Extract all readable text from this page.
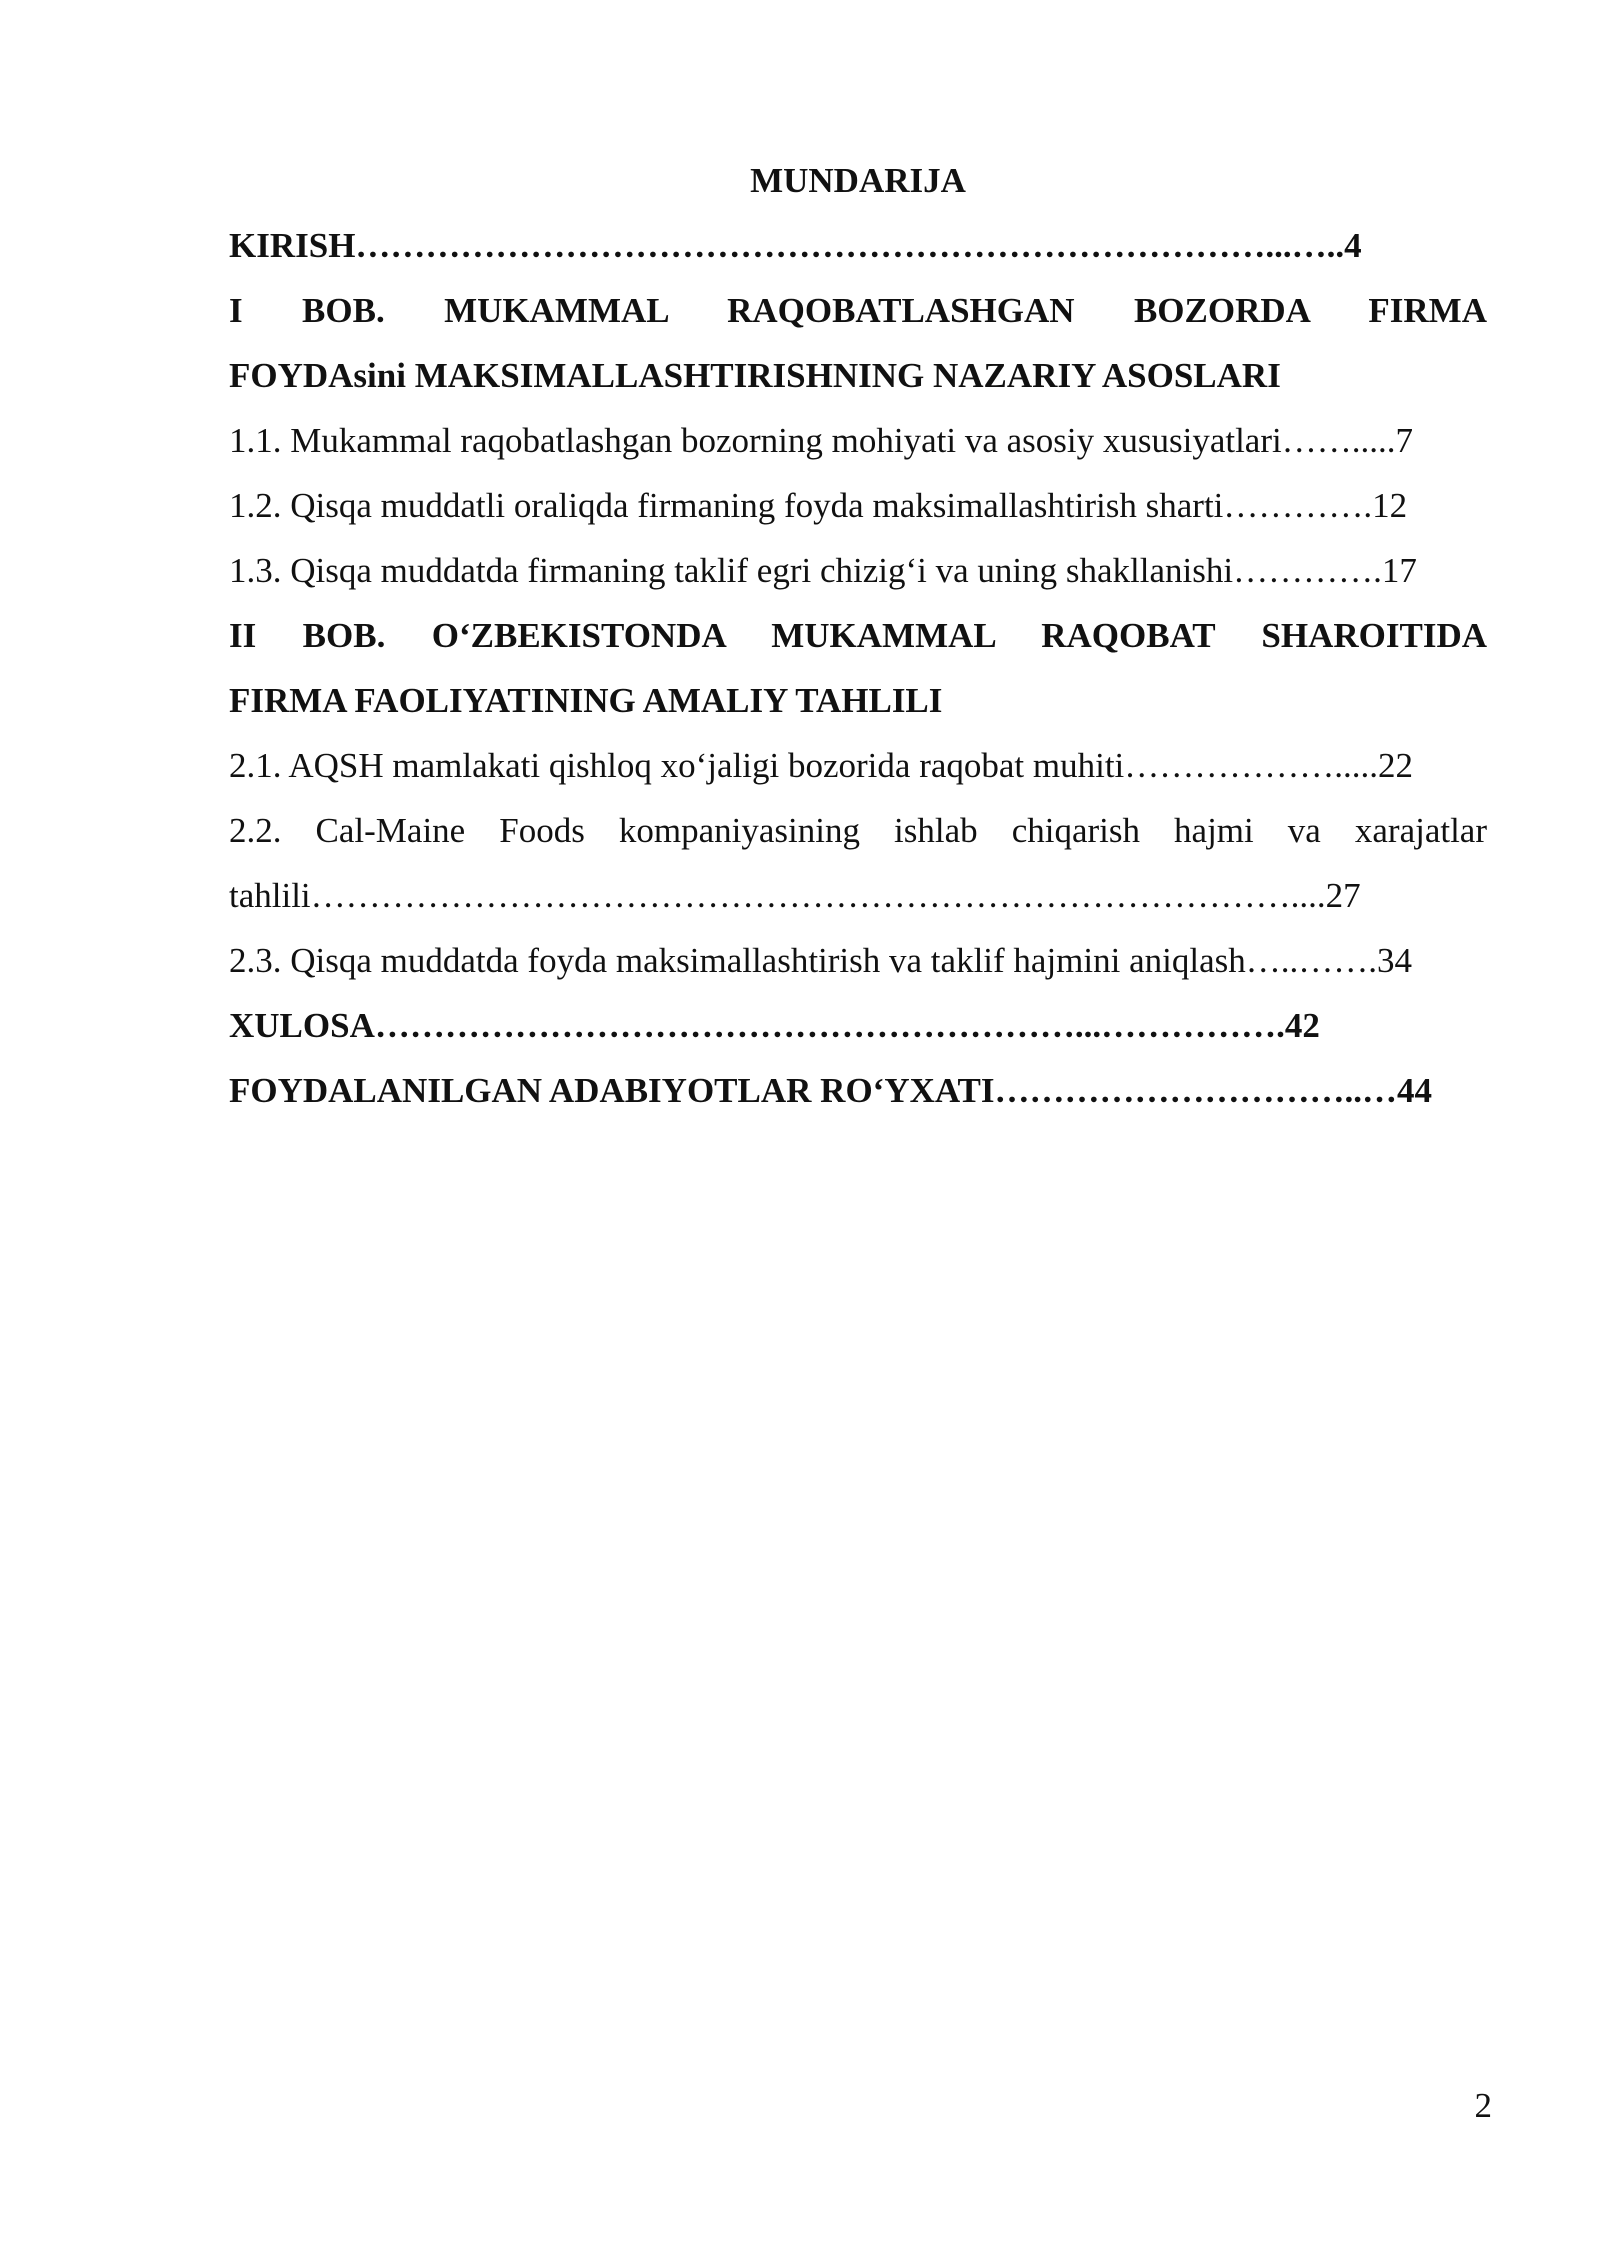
MUNDARIJA
KIRISH……………………………………………………………………...…..4
I BOB. MUKAMMAL RAQOBATLASHGAN BOZORDA FIRMA
FOYDAsini MAKSIMALLASHTIRISHNING NAZARIY ASOSLARI
1.1. Mukammal raqobatlashgan bozorning mohiyati va asosiy xususiyatlari…….....7
1.2. Qisqa muddatli oraliqda firmaning foyda maksimallashtirish sharti………….12
1.3. Qisqa muddatda firmaning taklif egri chizig‘i va uning shakllanishi………….17
II BOB. O‘ZBEKISTONDA MUKAMMAL RAQOBAT SHAROITIDA
FIRMA FAOLIYATINING AMALIY TAHLILI
2.1. AQSH mamlakati qishloq xo‘jaligi bozorida raqobat muhiti……………….....22
2.2. Cal-Maine Foods kompaniyasining ishlab chiqarish hajmi va xarajatlar
tahlili…………………………………………………………………………....27
2.3. Qisqa muddatda foyda maksimallashtirish va taklif hajmini aniqlash…..…….34
XULOSA……………………………………………………...…………….42
FOYDALANILGAN ADABIYOTLAR RO‘YXATI…………………………..…44
2
